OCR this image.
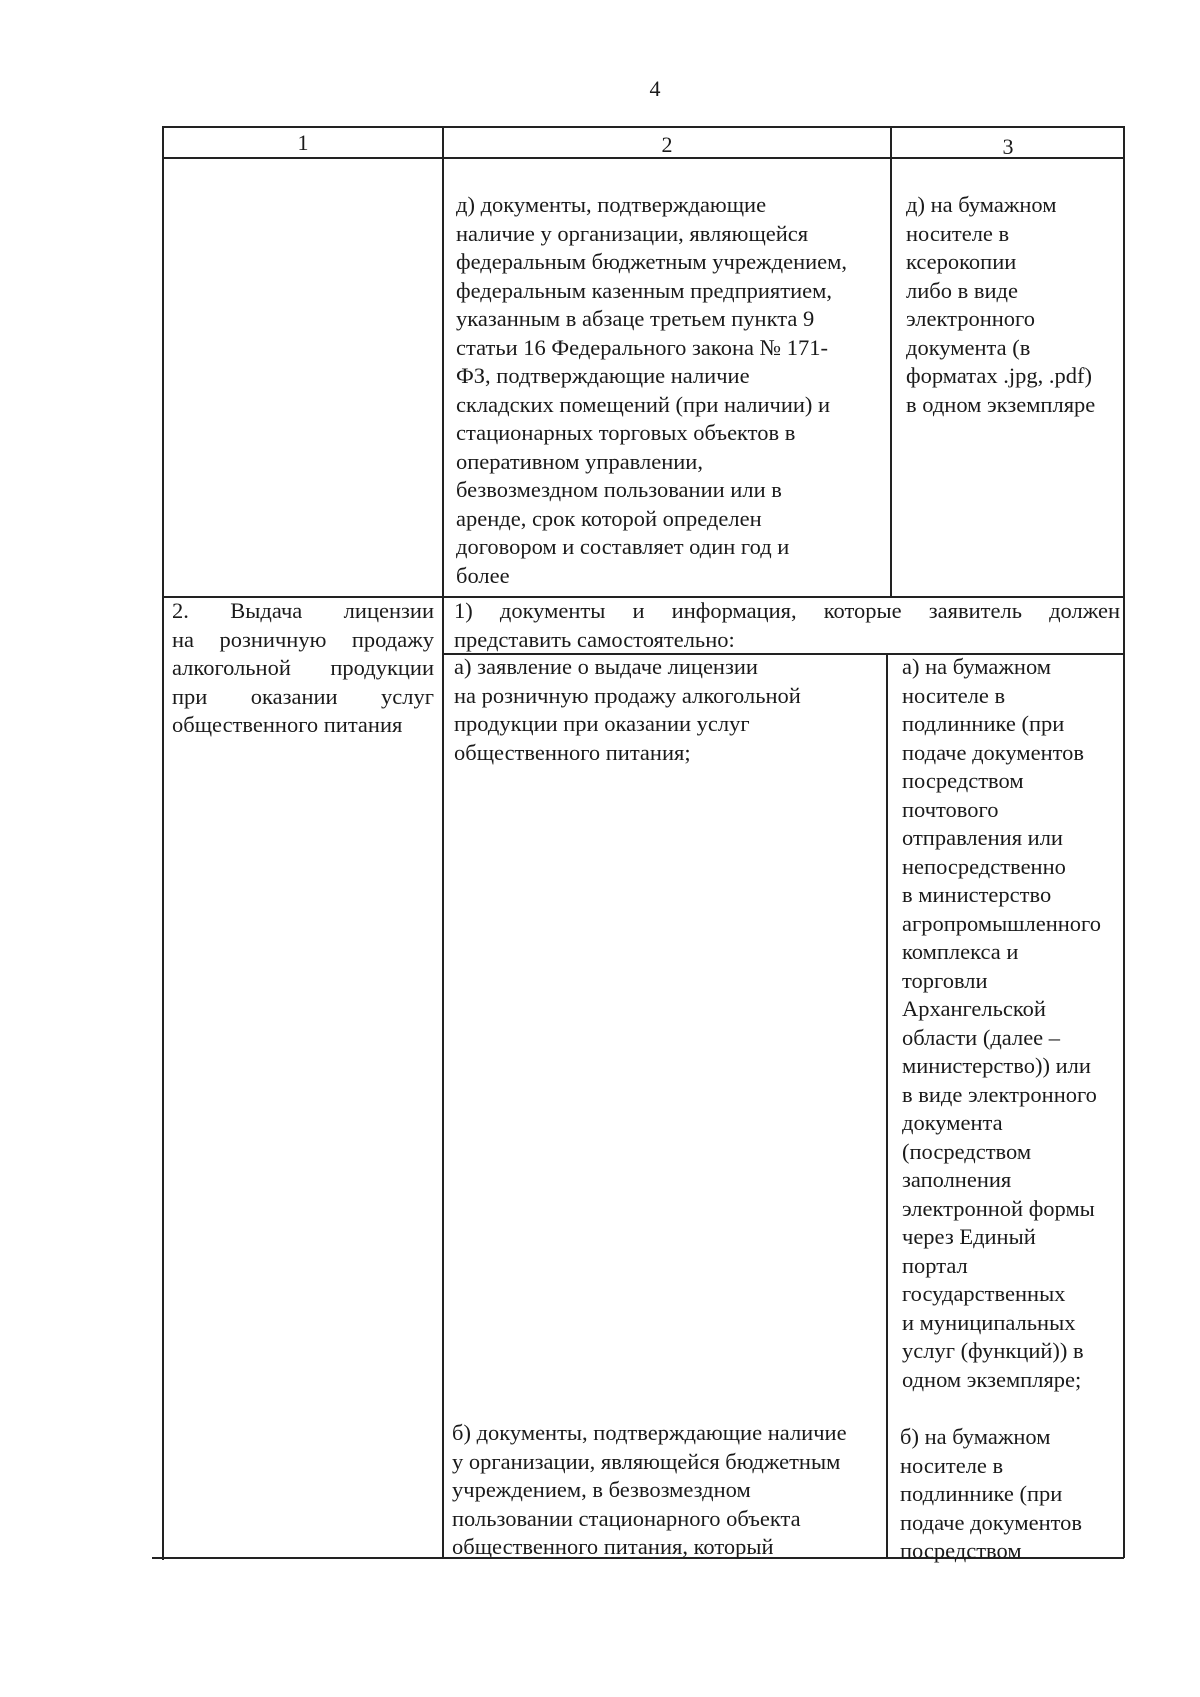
4
1	2	3
д) документы, подтверждающие
наличие у организации, являющейся
федеральным бюджетным учреждением,
федеральным казенным предприятием,
указанным в абзаце третьем пункта 9
статьи 16 Федерального закона № 171-
ФЗ, подтверждающие наличие
складских помещений (при наличии) и
стационарных торговых объектов в
оперативном управлении,
безвозмездном пользовании или в
аренде, срок которой определен
договором и составляет один год и
более
д) на бумажном
носителе в
ксерокопии
либо в виде
электронного
документа (в
форматах .jpg, .pdf)
в одном экземпляре
2. Выдача лицензии
на розничную продажу
алкогольной продукции
при оказании услуг
общественного питания
1) документы и информация, которые заявитель должен
представить самостоятельно:
а) заявление о выдаче лицензии
на розничную продажу алкогольной
продукции при оказании услуг
общественного питания;
а) на бумажном
носителе в
подлиннике (при
подаче документов
посредством
почтового
отправления или
непосредственно
в министерство
агропромышленного
комплекса и
торговли
Архангельской
области (далее –
министерство)) или
в виде электронного
документа
(посредством
заполнения
электронной формы
через Единый
портал
государственных
и муниципальных
услуг (функций)) в
одном экземпляре;
б) документы, подтверждающие наличие
у организации, являющейся бюджетным
учреждением, в безвозмездном
пользовании стационарного объекта
общественного питания, который
б) на бумажном
носителе в
подлиннике (при
подаче документов
посредством
